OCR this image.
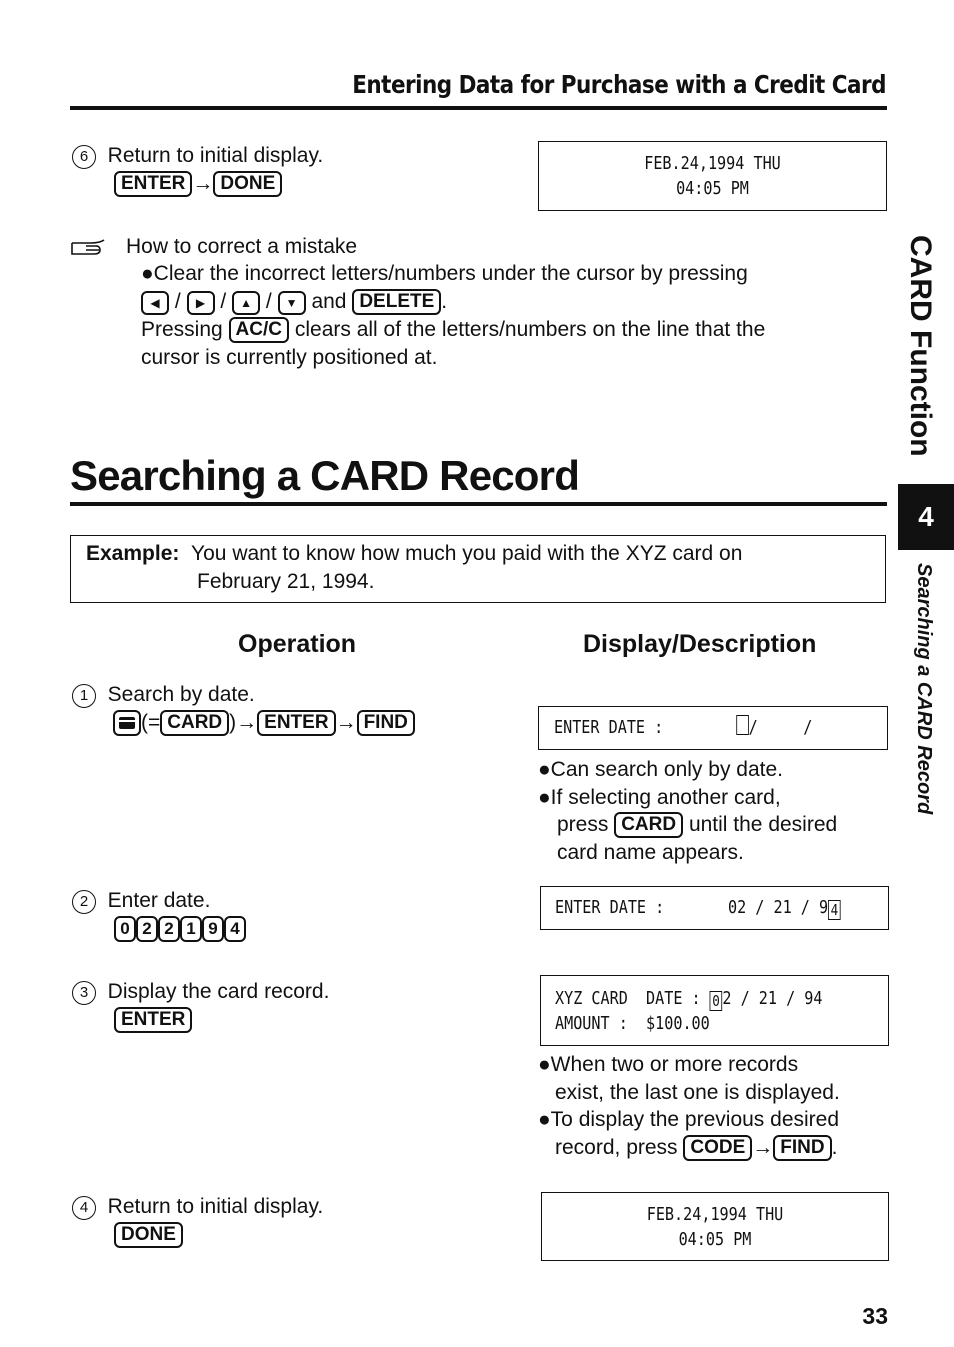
Entering Data for Purchase with a Credit Card
6 Return to initial display.
ENTER → DONE
FEB.24,1994 THU
04:05 PM
How to correct a mistake
●Clear the incorrect letters/numbers under the cursor by pressing
◀ / ▶ / ▲ / ▼ and DELETE .
Pressing AC/C clears all of the letters/numbers on the line that the
cursor is currently positioned at.
Searching a CARD Record
Example: You want to know how much you paid with the XYZ card on
February 21, 1994.
Operation	Display/Description
1 Search by date.
(= CARD )→ ENTER → FIND	ENTER DATE :	/     /
●Can search only by date.
●If selecting another card,
press CARD until the desired
card name appears.
2 Enter date.
0 2 2 1 9 4
ENTER DATE :	02 / 21 / 9 4
3 Display the card record.
ENTER
XYZ CARD  DATE : 0 2 / 21 / 94
AMOUNT :  $100.00
●When two or more records
exist, the last one is displayed.
●To display the previous desired
record, press CODE → FIND .
4 Return to initial display.
DONE
FEB.24,1994 THU
04:05 PM
CARD Function
4
Searching a CARD Record
33
